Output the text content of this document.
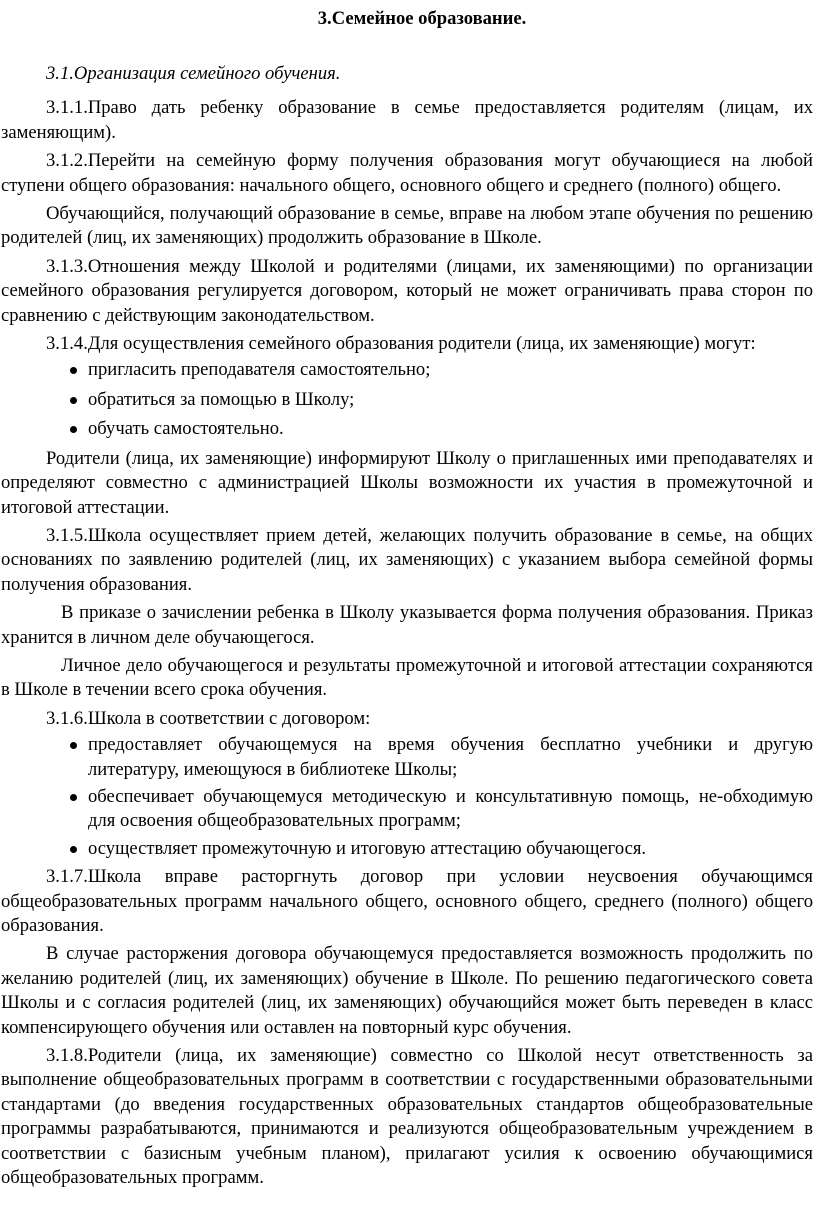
3.Семейное образование.

3.1.Организация семейного обучения.

3.1.1.Право дать ребенку образование в семье предоставляется родителям (лицам, их заменяющим).

3.1.2.Перейти на семейную форму получения образования могут обучающиеся на любой ступени общего образования: начального общего, основного общего и среднего (полного) общего.

Обучающийся, получающий образование в семье, вправе на любом этапе обучения по решению родителей (лиц, их заменяющих) продолжить образование в Школе.

3.1.3.Отношения между Школой и родителями (лицами, их заменяющими) по организации семейного образования регулируется договором, который не может ограничивать права сторон по сравнению с действующим законодательством.

3.1.4.Для осуществления семейного образования родители (лица, их заменяющие) могут:

пригласить преподавателя самостоятельно;
обратиться за помощью в Школу;
обучать самостоятельно.

Родители (лица, их заменяющие) информируют Школу о приглашенных ими преподавателях и определяют совместно с администрацией Школы возможности их участия в промежуточной и итоговой аттестации.

3.1.5.Школа осуществляет прием детей, желающих получить образование в семье, на общих основаниях по заявлению родителей (лиц, их заменяющих) с указанием выбора семейной формы получения образования.

В приказе о зачислении ребенка в Школу указывается форма получения образования. Приказ хранится в личном деле обучающегося.

Личное дело обучающегося и результаты промежуточной и итоговой аттестации сохраняются в Школе в течении всего срока обучения.

3.1.6.Школа в соответствии с договором:

предоставляет обучающемуся на время обучения бесплатно учебники и другую литературу, имеющуюся в библиотеке Школы;
обеспечивает обучающемуся методическую и консультативную помощь, не-обходимую для освоения общеобразовательных программ;
осуществляет промежуточную и итоговую аттестацию обучающегося.

3.1.7.Школа вправе расторгнуть договор при условии неусвоения обучающимся общеобразовательных программ начального общего, основного общего, среднего (полного) общего образования.

В случае расторжения договора обучающемуся предоставляется возможность продолжить по желанию родителей (лиц, их заменяющих) обучение в Школе. По решению педагогического совета Школы и с согласия родителей (лиц, их заменяющих) обучающийся может быть переведен в класс компенсирующего обучения или оставлен на повторный курс обучения.

3.1.8.Родители (лица, их заменяющие) совместно со Школой несут ответственность за выполнение общеобразовательных программ в соответствии с государственными образовательными стандартами (до введения государственных образовательных стандартов общеобразовательные программы разрабатываются, принимаются и реализуются общеобразовательным учреждением в соответствии с базисным учебным планом), прилагают усилия к освоению обучающимися общеобразовательных программ.
